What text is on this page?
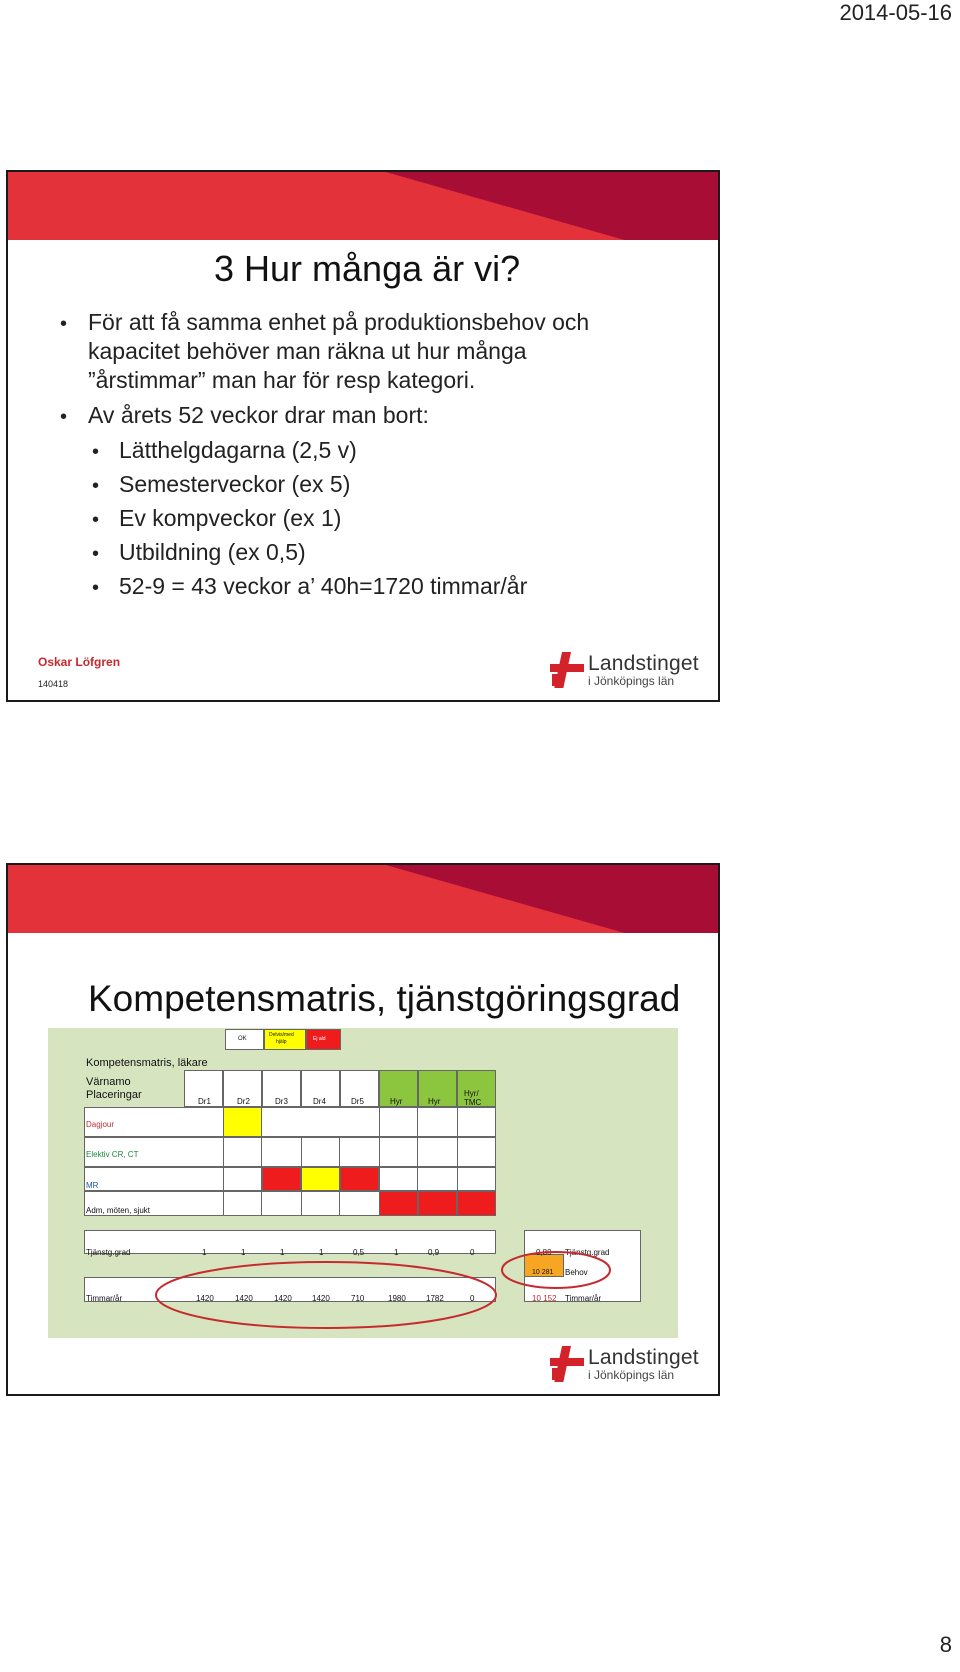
2014-05-16
3 Hur många är vi?
• För att få samma enhet på produktionsbehov och
kapacitet behöver man räkna ut hur många
”årstimmar” man har för resp kategori.
• Av årets 52 veckor drar man bort:
• Lätthelgdagarna (2,5 v)
• Semesterveckor (ex 5)
• Ev kompveckor (ex 1)
• Utbildning (ex 0,5)
• 52-9 = 43 veckor a’ 40h=1720 timmar/år
Oskar Löfgren
140418
Landstinget
i Jönköpings län
Kompetensmatris, tjänstgöringsgrad
OK
Delvis/med
hjälp	Ej ald
Kompetensmatris, läkare
Värnamo
Placeringar
Dr1	Dr2	Dr3	Dr4	Dr5	Hyr	Hyr
Hyr/
TMC
Dagjour
Elektiv CR, CT
MR
Adm, möten, sjukt
Tjänstg.grad	1	1	1	1	0,5	1	0,9	0
Timmar/år	1420	1420	1420	1420	710	1980	1782	0
0,80 Tjänstg.grad
10 281 Behov
10 152 Timmar/år
Landstinget
i Jönköpings län
8
